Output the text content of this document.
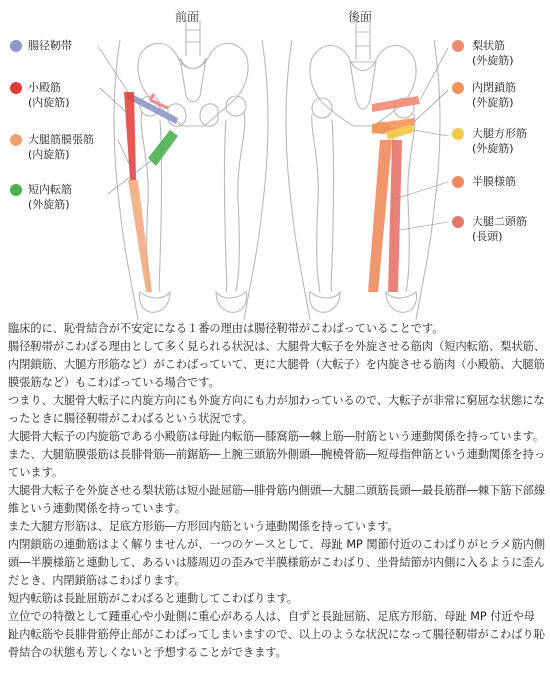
前面	後面
腸径靭帯
小殿筋
(内旋筋)
大腿筋膜張筋
(内旋筋)
短内転筋
(外旋筋)
梨状筋
(外旋筋)
内閉鎖筋
(外旋筋)
大腿方形筋
(外旋筋)
半膜様筋
大腿二頭筋
(長頭)

臨床的に、恥骨結合が不安定になる１番の理由は腸径靭帯がこわばっていることです。

腸径靭帯がこわばる理由として多く見られる状況は、大腿骨大転子を外旋させる筋肉（短内転筋、梨状筋、内閉鎖筋、大腿方形筋など）がこわばっていて、更に大腿骨（大転子）を内旋させる筋肉（小殿筋、大腿筋膜張筋など）もこわばっている場合です。

つまり、大腿骨大転子に内旋方向にも外旋方向にも力が加わっているので、大転子が非常に窮屈な状態になったときに腸径靭帯がこわばるという状況です。

大腿骨大転子の内旋筋である小殿筋は母趾内転筋―膝窩筋―棘上筋―肘筋という連動関係を持っています。また、大腿筋膜張筋は長腓骨筋―前鋸筋―上腕三頭筋外側頭―腕橈骨筋―短母指伸筋という連動関係を持っています。

大腿骨大転子を外旋させる梨状筋は短小趾屈筋―腓骨筋内側頭―大腿二頭筋長頭―最長筋群―棘下筋下部線維という連動関係を持っています。

また大腿方形筋は、足底方形筋―方形回内筋という連動関係を持っています。

内閉鎖筋の連動筋はよく解りませんが、一つのケースとして、母趾 MP 関節付近のこわばりがヒラメ筋内側頭―半膜様筋と連動して、あるいは膝周辺の歪みで半膜様筋がこわばり、坐骨結節が内側に入るように歪んだとき、内閉鎖筋はこわばります。

短内転筋は長趾屈筋がこわばると連動してこわばります。

立位での特徴として踵重心や小趾側に重心がある人は、自ずと長趾屈筋、足底方形筋、母趾 MP 付近や母趾内転筋や長腓骨筋停止部がこわばってしまいますので、以上のような状況になって腸径靭帯がこわばり恥骨結合の状態も芳しくないと予想することができます。
